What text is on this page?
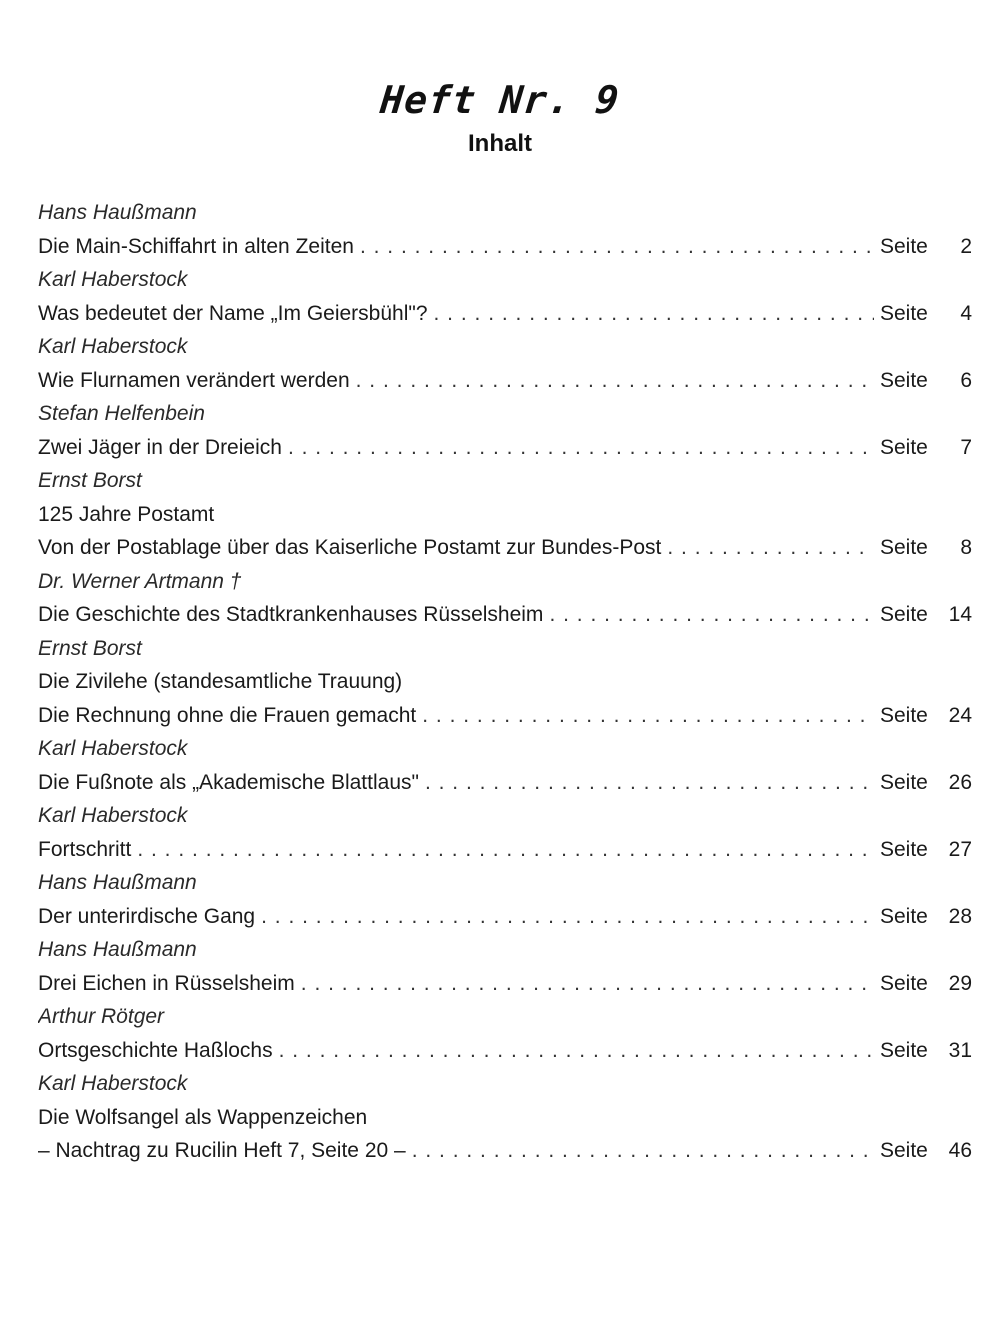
Heft Nr. 9
Inhalt
Hans Haußmann
Die Main-Schiffahrt in alten Zeiten . . .	Seite	2
Karl Haberstock
Was bedeutet der Name „Im Geiersbühl"? . . .	Seite	4
Karl Haberstock
Wie Flurnamen verändert werden . . .	Seite	6
Stefan Helfenbein
Zwei Jäger in der Dreieich . . .	Seite	7
Ernst Borst
125 Jahre Postamt
Von der Postablage über das Kaiserliche Postamt zur Bundes-Post . . .	Seite	8
Dr. Werner Artmann †
Die Geschichte des Stadtkrankenhauses Rüsselsheim . . .	Seite 14
Ernst Borst
Die Zivilehe (standesamtliche Trauung)
Die Rechnung ohne die Frauen gemacht . . .	Seite 24
Karl Haberstock
Die Fußnote als „Akademische Blattlaus" . . .	Seite 26
Karl Haberstock
Fortschritt . . .	Seite 27
Hans Haußmann
Der unterirdische Gang . . .	Seite 28
Hans Haußmann
Drei Eichen in Rüsselsheim . . .	Seite 29
Arthur Rötger
Ortsgeschichte Haßlochs . . .	Seite 31
Karl Haberstock
Die Wolfsangel als Wappenzeichen
– Nachtrag zu Rucilin Heft 7, Seite 20 – . . .	Seite 46
